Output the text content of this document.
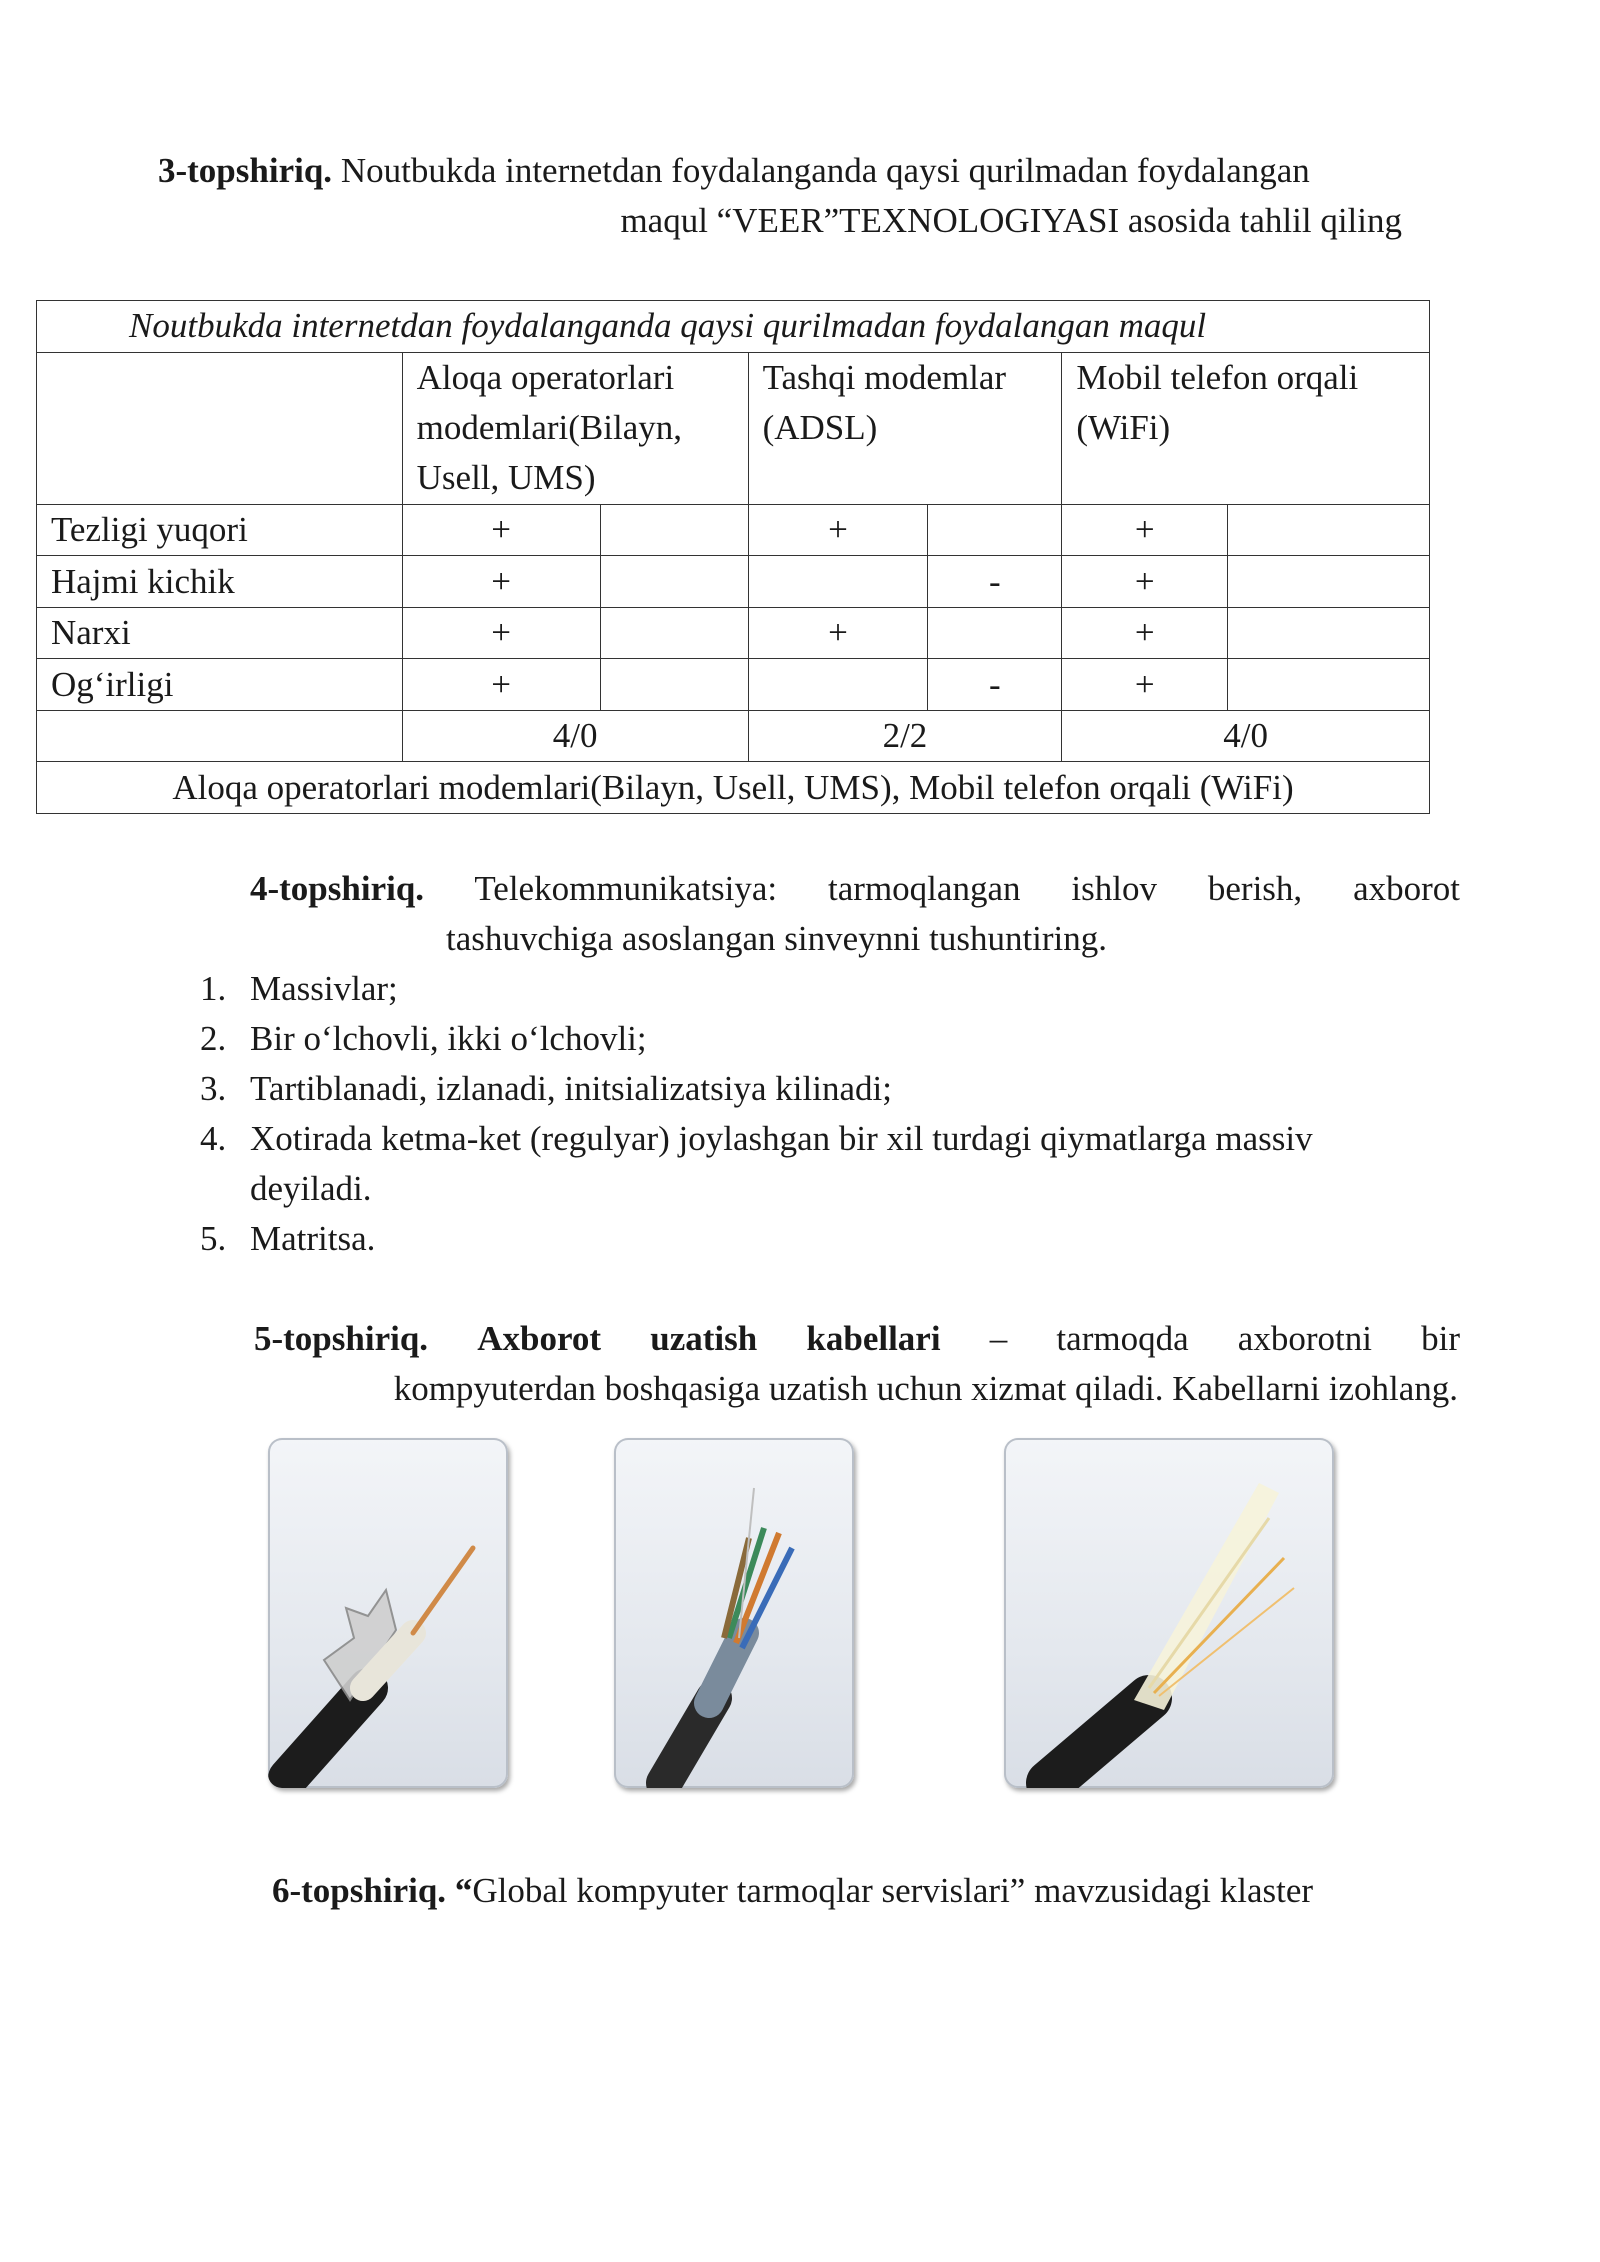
3-topshiriq. Noutbukda internetdan foydalanganda qaysi qurilmadan foydalangan

maqul “VEER”TEXNOLOGIYASI asosida tahlil qiling

Noutbukda internetdan foydalanganda qaysi qurilmadan foydalangan maqul						
	Aloqa operatorlari modemlari(Bilayn, Usell, UMS)		Tashqi modemlar (ADSL)		Mobil telefon orqali (WiFi)	
Tezligi yuqori	+		+		+	
Hajmi kichik	+			-	+	
Narxi	+		+		+	
Og‘irligi	+			-	+	
	4/0		2/2		4/0	
Aloqa operatorlari modemlari(Bilayn, Usell, UMS), Mobil telefon orqali (WiFi)						

4-topshiriq. Telekommunikatsiya: tarmoqlangan ishlov berish, axborot

tashuvchiga asoslangan sinveynni tushuntiring.

1. Massivlar;
2. Bir o‘lchovli, ikki o‘lchovli;
3. Tartiblanadi, izlanadi, initsializatsiya kilinadi;
4. Xotirada ketma-ket (regulyar) joylashgan bir xil turdagi qiymatlarga massiv deyiladi.
5. Matritsa.

5-topshiriq. Axborot uzatish kabellari – tarmoqda axborotni bir

kompyuterdan boshqasiga uzatish uchun xizmat qiladi. Kabellarni izohlang.

6-topshiriq. “Global kompyuter tarmoqlar servislari” mavzusidagi klaster
